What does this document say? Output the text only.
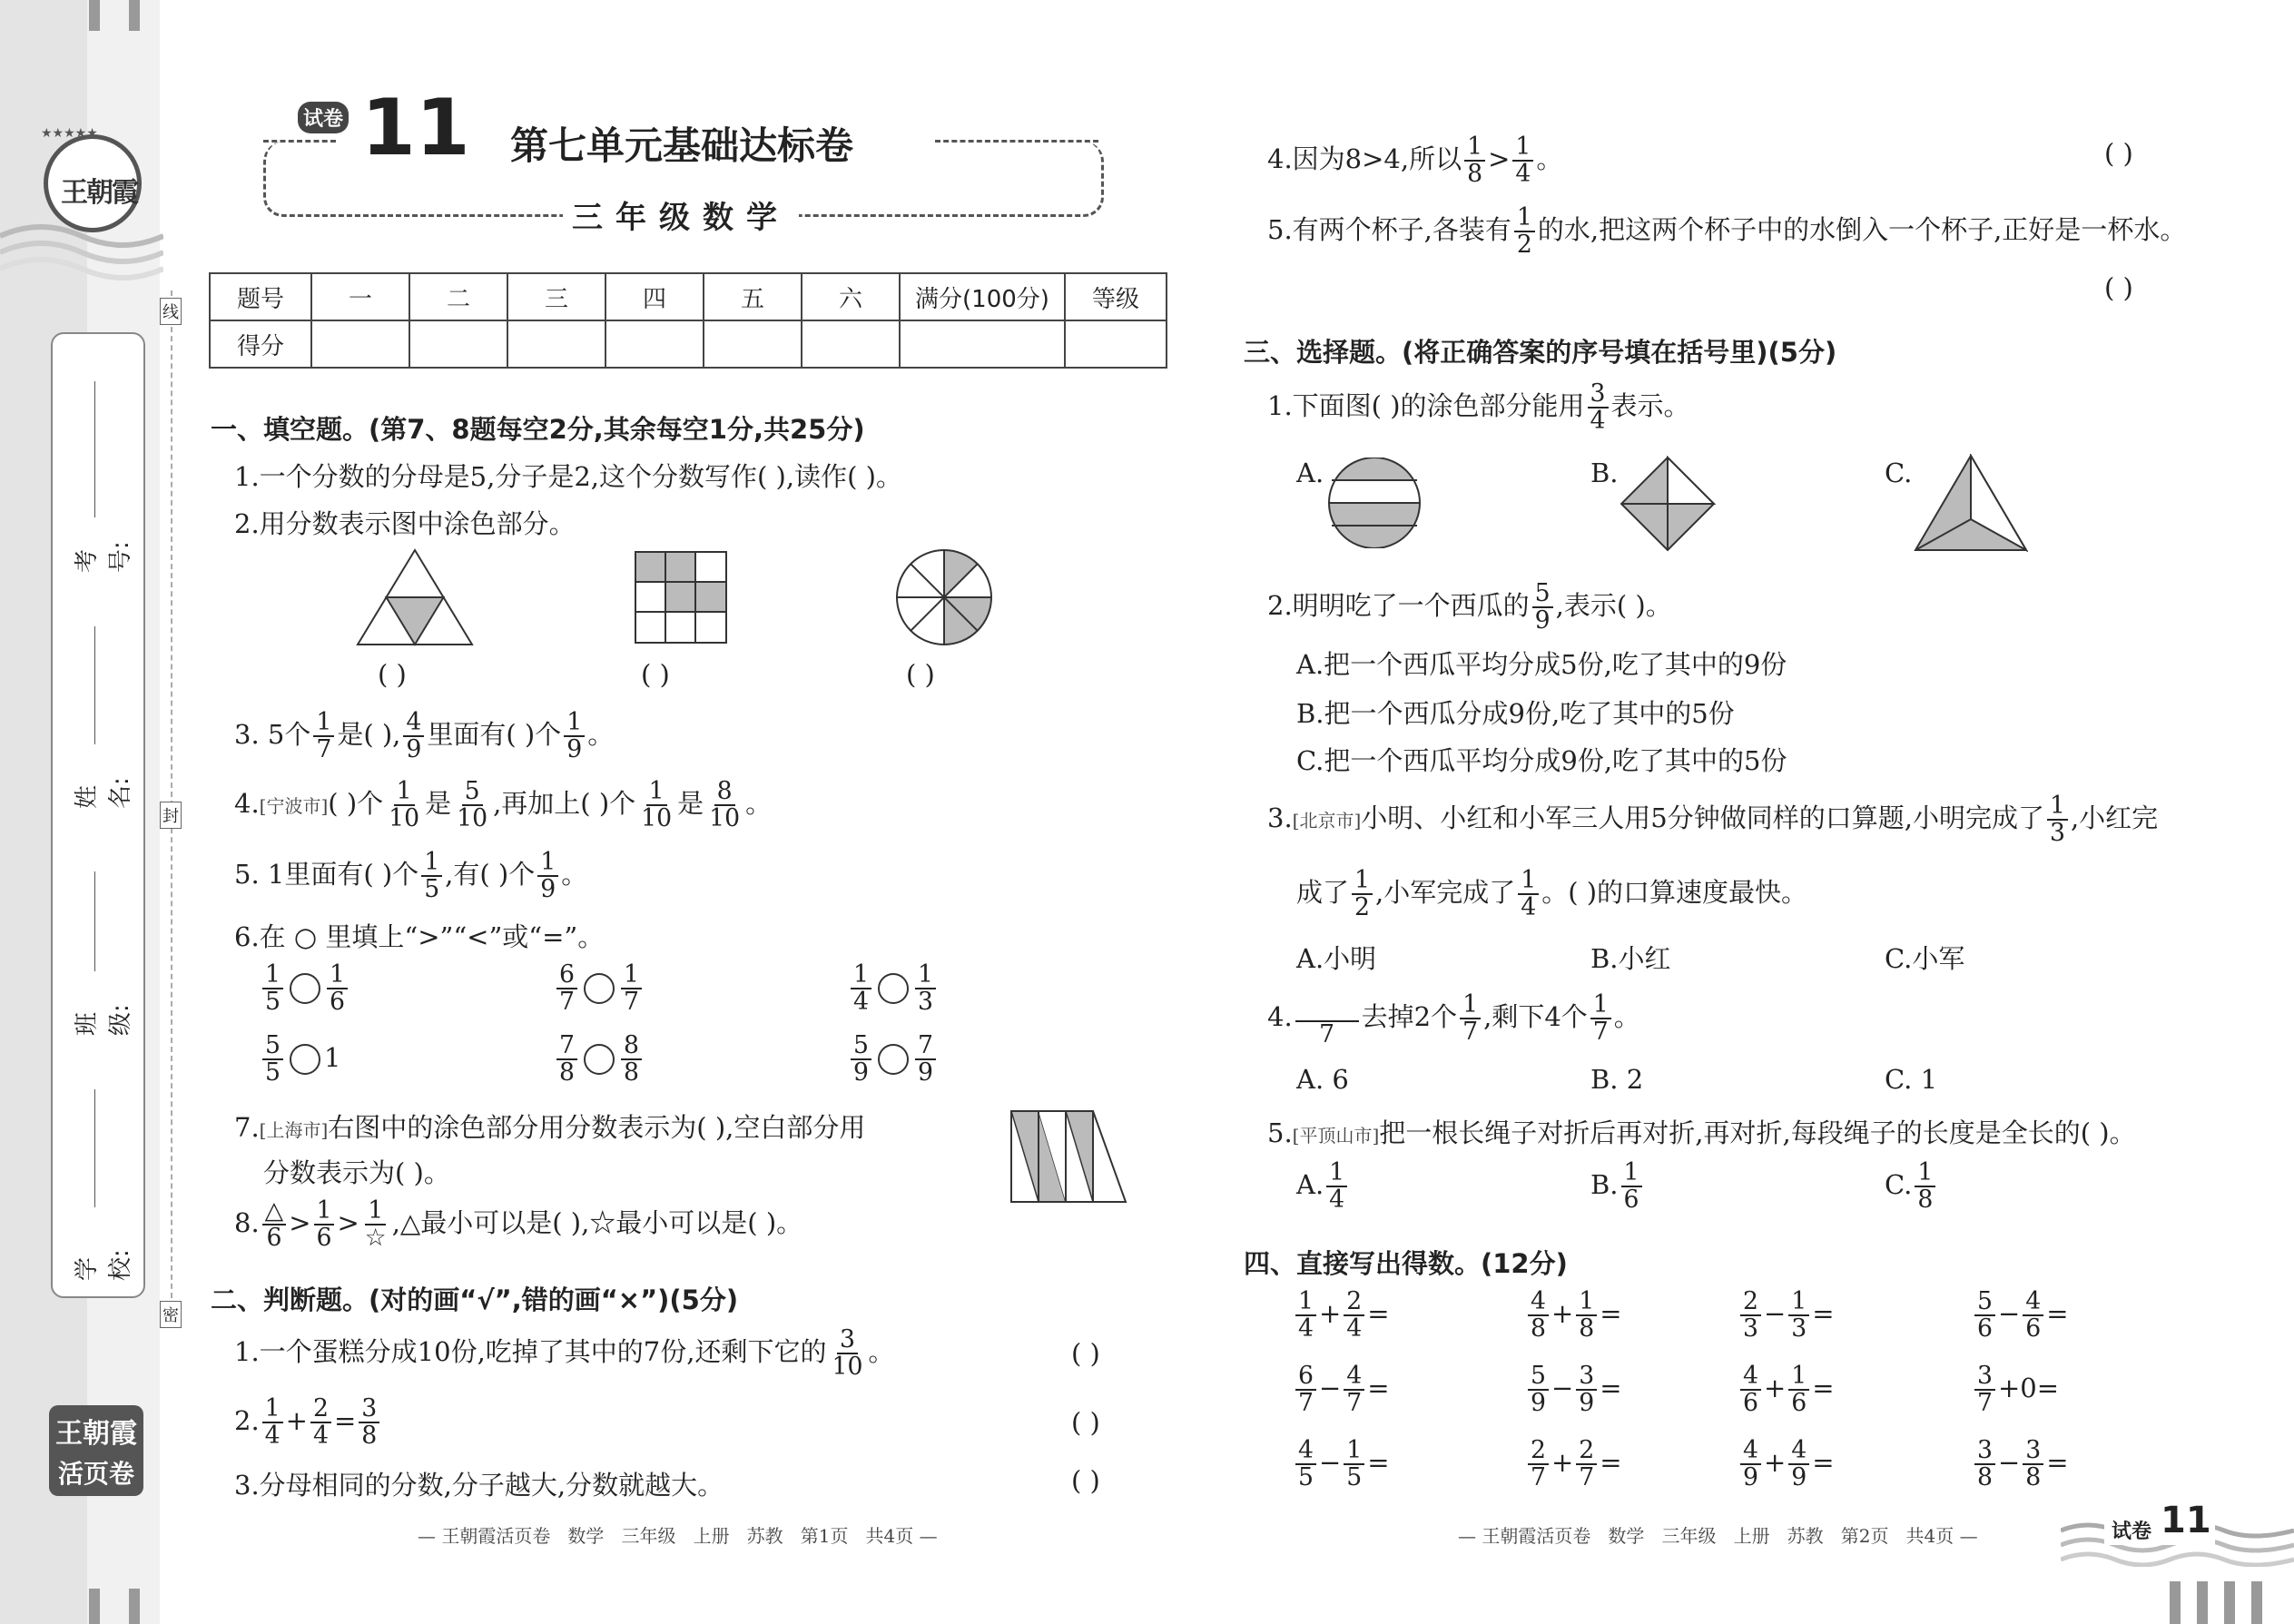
王朝霞
★★★★★
考号:
姓名:
班级:
学校:
线
封
密
王朝霞
活页卷
试卷 11 第七单元基础达标卷
三年级数学
题号	一	二	三	四	五	六	满分(100分)	等级
得分								
一、填空题。(第7、8题每空2分,其余每空1分,共25分)
1.一个分数的分母是5,分子是2,这个分数写作( ),读作( )。
2.用分数表示图中涂色部分。
( )	( )	( )
3. 5个 $\frac{1}{7}$ 是( ), $\frac{4}{9}$ 里面有( )个 $\frac{1}{9}$ 。
4.[宁波市]( )个 $\frac{1}{10}$ 是 $\frac{5}{10}$ ,再加上( )个 $\frac{1}{10}$ 是 $\frac{8}{10}$ 。
5. 1里面有( )个 $\frac{1}{5}$ ,有( )个 $\frac{1}{9}$ 。
6.在 ○ 里填上“>”“<”或“=”。
$\frac{1}{5} \frac{1}{6}$	$\frac{6}{7} \frac{1}{7}$	$\frac{1}{4} \frac{1}{3}$
$\frac{5}{5} 1$	$\frac{7}{8} \frac{8}{8}$	$\frac{5}{9} \frac{7}{9}$
7.[上海市]右图中的涂色部分用分数表示为( ),空白部分用
分数表示为( )。
8. $\frac{\triangle}{6} > \frac{1}{6} > \frac{1}{☆}$ ,△最小可以是( ),☆最小可以是( )。
二、判断题。(对的画“√”,错的画“×”)(5分)
1.一个蛋糕分成10份,吃掉了其中的7份,还剩下它的 $\frac{3}{10}$ 。	( )
2. $\frac{1}{4} + \frac{2}{4} = \frac{3}{8}$	( )
3.分母相同的分数,分子越大,分数就越大。	( )
— 王朝霞活页卷   数学   三年级   上册   苏教   第1页   共4页 —
4.因为8>4,所以 $\frac{1}{8} > \frac{1}{4}$ 。	( )
5.有两个杯子,各装有 $\frac{1}{2}$ 的水,把这两个杯子中的水倒入一个杯子,正好是一杯水。
( )
三、选择题。(将正确答案的序号填在括号里)(5分)
1.下面图( )的涂色部分能用 $\frac{3}{4}$ 表示。
A.	B.	C.
2.明明吃了一个西瓜的 $\frac{5}{9}$ ,表示( )。
A.把一个西瓜平均分成5份,吃了其中的9份
B.把一个西瓜分成9份,吃了其中的5份
C.把一个西瓜平均分成9份,吃了其中的5份
3.[北京市]小明、小红和小军三人用5分钟做同样的口算题,小明完成了 $\frac{1}{3}$ ,小红完
成了 $\frac{1}{2}$ ,小军完成了 $\frac{1}{4}$ 。( )的口算速度最快。
A.小明	B.小红	C.小军
4.
7
去掉2个 $\frac{1}{7}$ ,剩下4个 $\frac{1}{7}$ 。
A. 6	B. 2	C. 1
5.[平顶山市]把一根长绳子对折后再对折,再对折,每段绳子的长度是全长的( )。
A. $\frac{1}{4}$	B. $\frac{1}{6}$	C. $\frac{1}{8}$
四、直接写出得数。(12分)
$\frac{1}{4} + \frac{2}{4}$ =	$\frac{4}{8} + \frac{1}{8}$ =	$\frac{2}{3} - \frac{1}{3}$ =	$\frac{5}{6} - \frac{4}{6}$ =
$\frac{6}{7} - \frac{4}{7}$ =	$\frac{5}{9} - \frac{3}{9}$ =	$\frac{4}{6} + \frac{1}{6}$ =	$\frac{3}{7} +0=$
$\frac{4}{5} - \frac{1}{5}$ =	$\frac{2}{7} + \frac{2}{7}$ =	$\frac{4}{9} + \frac{4}{9}$ =	$\frac{3}{8} - \frac{3}{8}$ =
— 王朝霞活页卷   数学   三年级   上册   苏教   第2页   共4页 —	试卷 11
